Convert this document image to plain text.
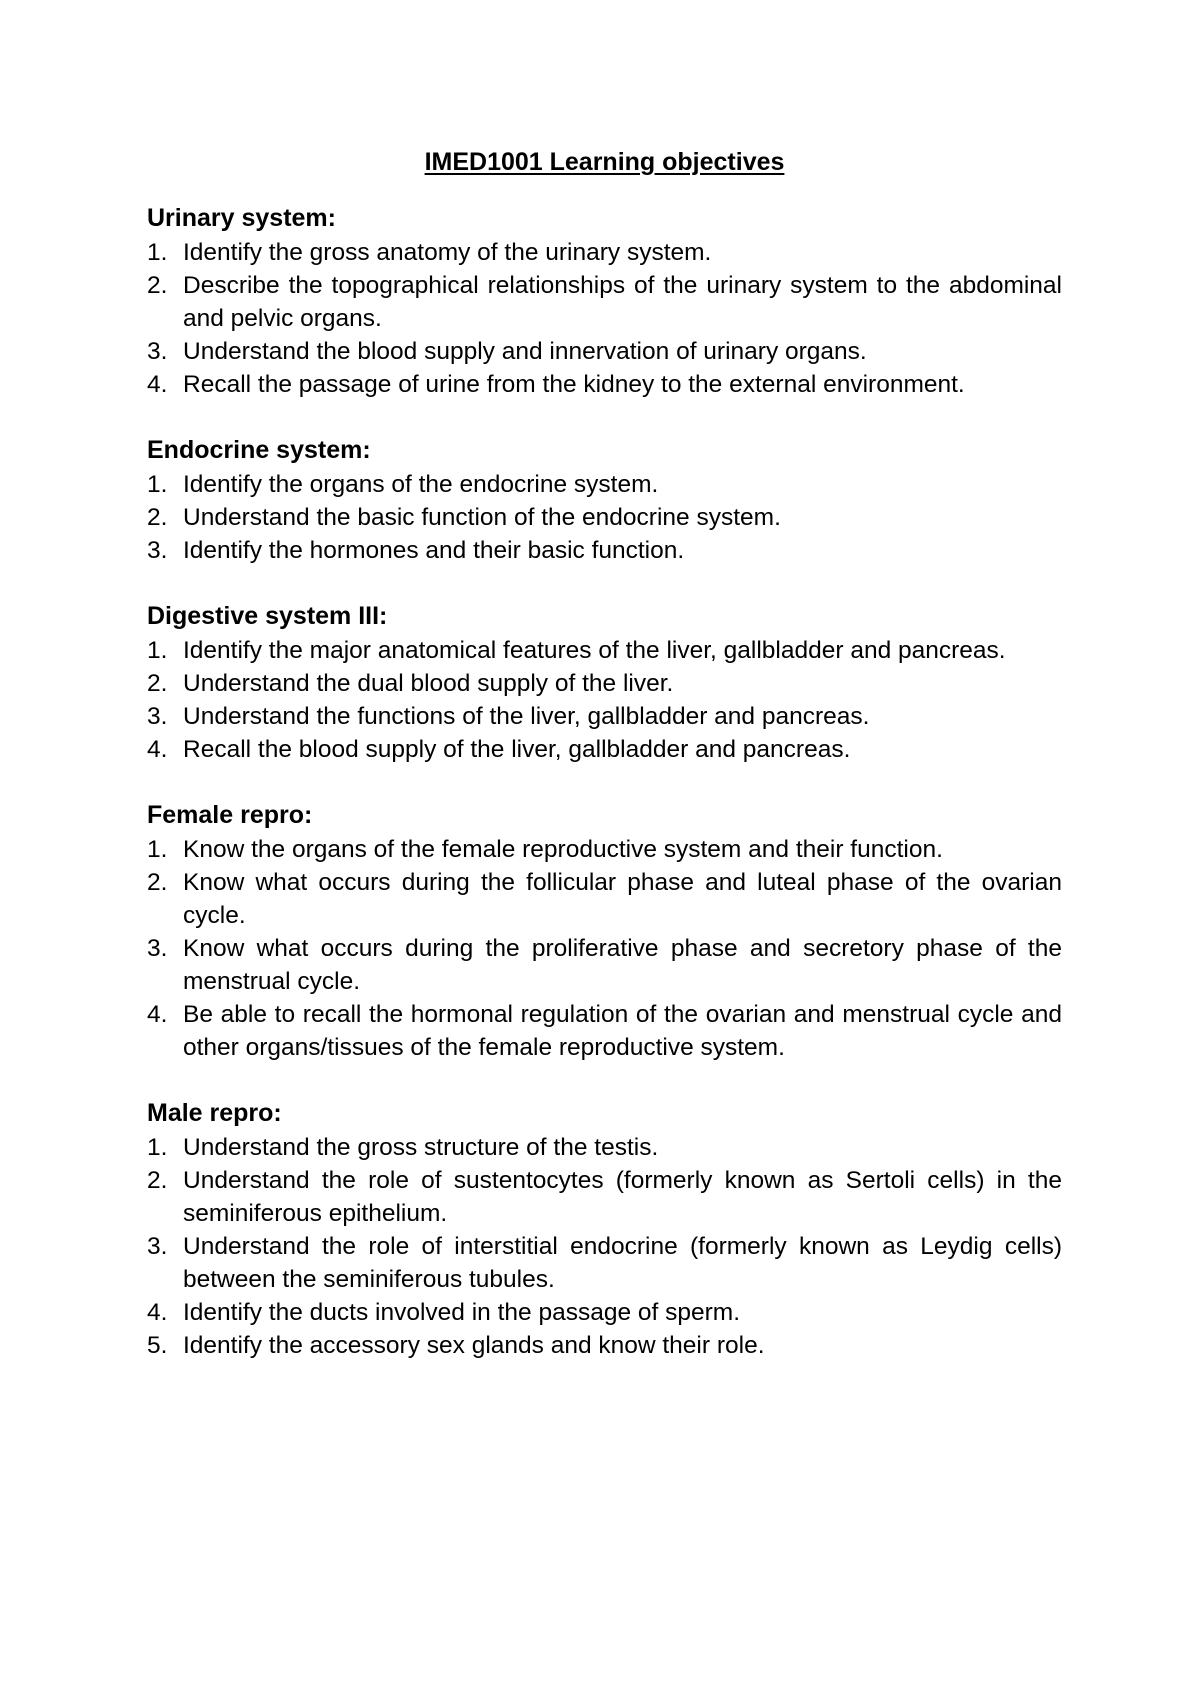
IMED1001 Learning objectives
Urinary system:
1. Identify the gross anatomy of the urinary system.
2. Describe the topographical relationships of the urinary system to the abdominal and pelvic organs.
3. Understand the blood supply and innervation of urinary organs.
4. Recall the passage of urine from the kidney to the external environment.
Endocrine system:
1. Identify the organs of the endocrine system.
2. Understand the basic function of the endocrine system.
3. Identify the hormones and their basic function.
Digestive system III:
1. Identify the major anatomical features of the liver, gallbladder and pancreas.
2. Understand the dual blood supply of the liver.
3. Understand the functions of the liver, gallbladder and pancreas.
4. Recall the blood supply of the liver, gallbladder and pancreas.
Female repro:
1. Know the organs of the female reproductive system and their function.
2. Know what occurs during the follicular phase and luteal phase of the ovarian cycle.
3. Know what occurs during the proliferative phase and secretory phase of the menstrual cycle.
4. Be able to recall the hormonal regulation of the ovarian and menstrual cycle and other organs/tissues of the female reproductive system.
Male repro:
1. Understand the gross structure of the testis.
2. Understand the role of sustentocytes (formerly known as Sertoli cells) in the seminiferous epithelium.
3. Understand the role of interstitial endocrine (formerly known as Leydig cells) between the seminiferous tubules.
4. Identify the ducts involved in the passage of sperm.
5. Identify the accessory sex glands and know their role.
